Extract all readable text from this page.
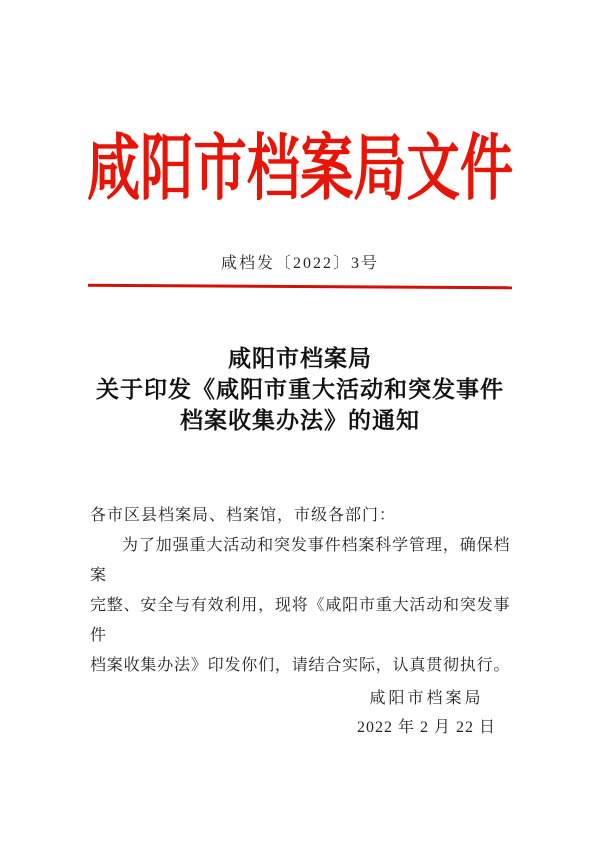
咸阳市档案局文件
咸档发〔2022〕3号
咸阳市档案局
关于印发《咸阳市重大活动和突发事件
档案收集办法》的通知
各市区县档案局、档案馆，市级各部门：
为了加强重大活动和突发事件档案科学管理，确保档案
完整、安全与有效利用，现将《咸阳市重大活动和突发事件
档案收集办法》印发你们，请结合实际，认真贯彻执行。
咸阳市档案局
2022 年 2 月 22 日
